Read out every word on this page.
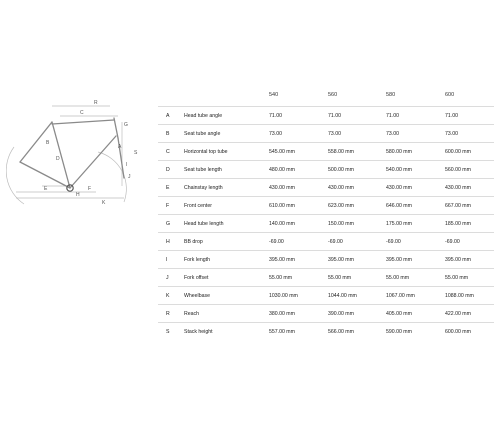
A
B
C
D
E	F
G
H
I
J
K
R
S
540	560	580	600
A	Head tube angle	71.00	71.00	71.00	71.00
B	Seat tube angle	73.00	73.00	73.00	73.00
C	Horizontal top tube	545.00 mm	558.00 mm	580.00 mm	600.00 mm
D	Seat tube length	480.00 mm	500.00 mm	540.00 mm	560.00 mm
E	Chainstay length	430.00 mm	430.00 mm	430.00 mm	430.00 mm
F	Front center	610.00 mm	623.00 mm	646.00 mm	667.00 mm
G	Head tube length	140.00 mm	150.00 mm	175.00 mm	185.00 mm
H	BB drop	-69.00	-69.00	-69.00	-69.00
I	Fork length	395.00 mm	395.00 mm	395.00 mm	395.00 mm
J	Fork offset	55.00 mm	55.00 mm	55.00 mm	55.00 mm
K	Wheelbase	1030.00 mm	1044.00 mm	1067.00 mm	1088.00 mm
R	Reach	380.00 mm	390.00 mm	405.00 mm	422.00 mm
S	Stack height	557.00 mm	566.00 mm	590.00 mm	600.00 mm
